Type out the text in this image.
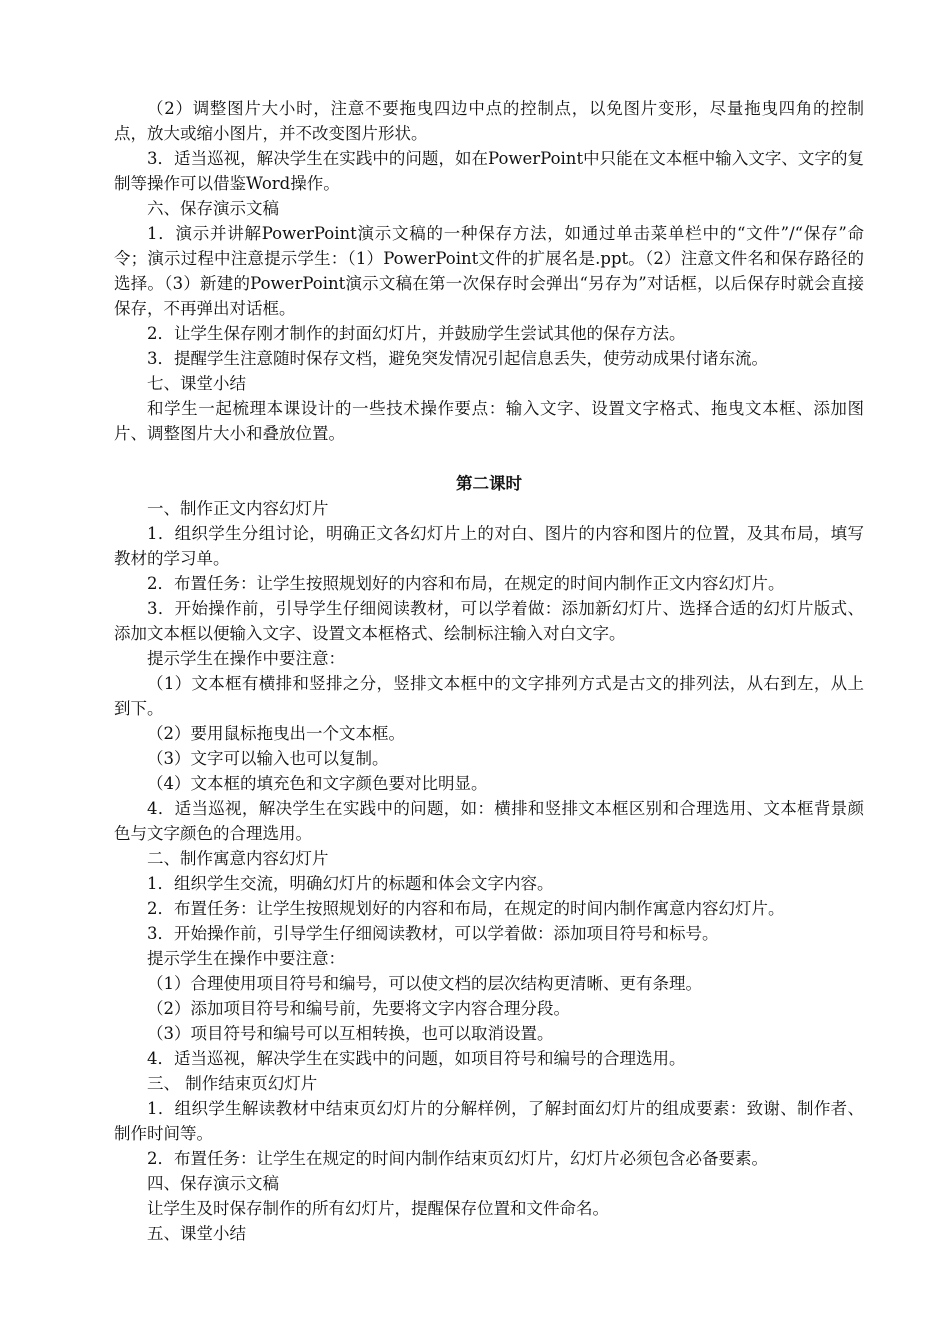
（2）调整图片大小时，注意不要拖曳四边中点的控制点，以免图片变形，尽量拖曳四角的控制点，放大或缩小图片，并不改变图片形状。

3．适当巡视，解决学生在实践中的问题，如在PowerPoint中只能在文本框中输入文字、文字的复制等操作可以借鉴Word操作。

六、保存演示文稿

1．演示并讲解PowerPoint演示文稿的一种保存方法，如通过单击菜单栏中的“文件”/“保存”命令；演示过程中注意提示学生：（1）PowerPoint文件的扩展名是.ppt。（2）注意文件名和保存路径的选择。（3）新建的PowerPoint演示文稿在第一次保存时会弹出“另存为”对话框，以后保存时就会直接保存，不再弹出对话框。

2．让学生保存刚才制作的封面幻灯片，并鼓励学生尝试其他的保存方法。

3．提醒学生注意随时保存文档，避免突发情况引起信息丢失，使劳动成果付诸东流。

七、课堂小结

和学生一起梳理本课设计的一些技术操作要点：输入文字、设置文字格式、拖曳文本框、添加图片、调整图片大小和叠放位置。

第二课时

一、制作正文内容幻灯片

1．组织学生分组讨论，明确正文各幻灯片上的对白、图片的内容和图片的位置，及其布局，填写教材的学习单。

2．布置任务：让学生按照规划好的内容和布局，在规定的时间内制作正文内容幻灯片。

3．开始操作前，引导学生仔细阅读教材，可以学着做：添加新幻灯片、选择合适的幻灯片版式、添加文本框以便输入文字、设置文本框格式、绘制标注输入对白文字。

提示学生在操作中要注意：

（1）文本框有横排和竖排之分，竖排文本框中的文字排列方式是古文的排列法，从右到左，从上到下。

（2）要用鼠标拖曳出一个文本框。

（3）文字可以输入也可以复制。

（4）文本框的填充色和文字颜色要对比明显。

4．适当巡视，解决学生在实践中的问题，如：横排和竖排文本框区别和合理选用、文本框背景颜色与文字颜色的合理选用。

二、制作寓意内容幻灯片

1．组织学生交流，明确幻灯片的标题和体会文字内容。

2．布置任务：让学生按照规划好的内容和布局，在规定的时间内制作寓意内容幻灯片。

3．开始操作前，引导学生仔细阅读教材，可以学着做：添加项目符号和标号。

提示学生在操作中要注意：

（1）合理使用项目符号和编号，可以使文档的层次结构更清晰、更有条理。

（2）添加项目符号和编号前，先要将文字内容合理分段。

（3）项目符号和编号可以互相转换，也可以取消设置。

4．适当巡视，解决学生在实践中的问题，如项目符号和编号的合理选用。

三、 制作结束页幻灯片

1．组织学生解读教材中结束页幻灯片的分解样例，了解封面幻灯片的组成要素：致谢、制作者、制作时间等。

2．布置任务：让学生在规定的时间内制作结束页幻灯片，幻灯片必须包含必备要素。

四、保存演示文稿

让学生及时保存制作的所有幻灯片，提醒保存位置和文件命名。

五、课堂小结
